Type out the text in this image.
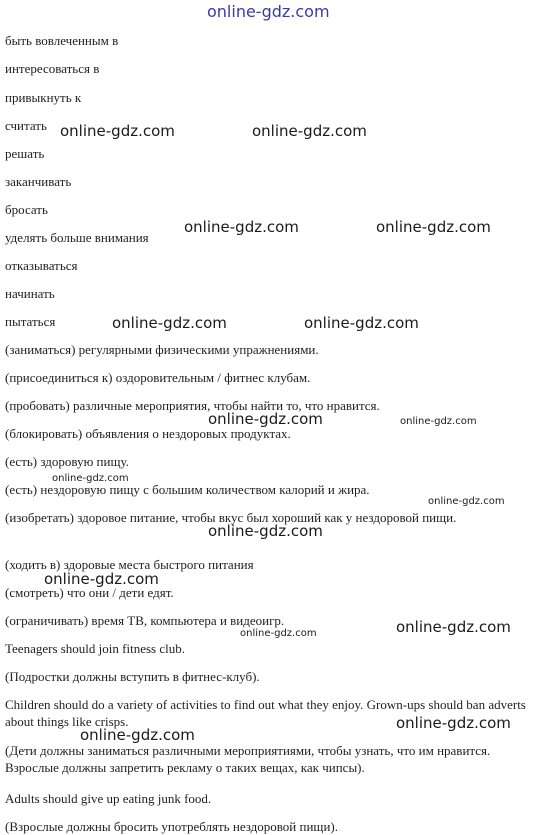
online-gdz.com

быть вовлеченным в

интересоваться в

привыкнуть к

считать

решать

заканчивать

бросать

уделять больше внимания

отказываться

начинать

пытаться

(заниматься) регулярными физическими упражнениями.

(присоединиться к) оздоровительным / фитнес клубам.

(пробовать) различные мероприятия, чтобы найти то, что нравится.

(блокировать) объявления о нездоровых продуктах.

(есть) здоровую пищу.

(есть) нездоровую пищу с большим количеством калорий и жира.

(изобретать) здоровое питание, чтобы вкус был хороший как у нездоровой пищи.

(ходить в) здоровые места быстрого питания

(смотреть) что они / дети едят.

(ограничивать) время ТВ, компьютера и видеоигр.

Teenagers should join fitness club.

(Подростки должны вступить в фитнес-клуб).

Children should do a variety of activities to find out what they enjoy. Grown-ups should ban adverts about things like crisps.

(Дети должны заниматься различными мероприятиями, чтобы узнать, что им нравится. Взрослые должны запретить рекламу о таких вещах, как чипсы).

Adults should give up eating junk food.

(Взрослые должны бросить употреблять нездоровой пищи).

online-gdz.com	online-gdz.com
online-gdz.com	online-gdz.com
online-gdz.com	online-gdz.com
online-gdz.com
online-gdz.com
online-gdz.com
online-gdz.com
online-gdz.com
online-gdz.com
online-gdz.com	online-gdz.com
online-gdz.com
online-gdz.com
